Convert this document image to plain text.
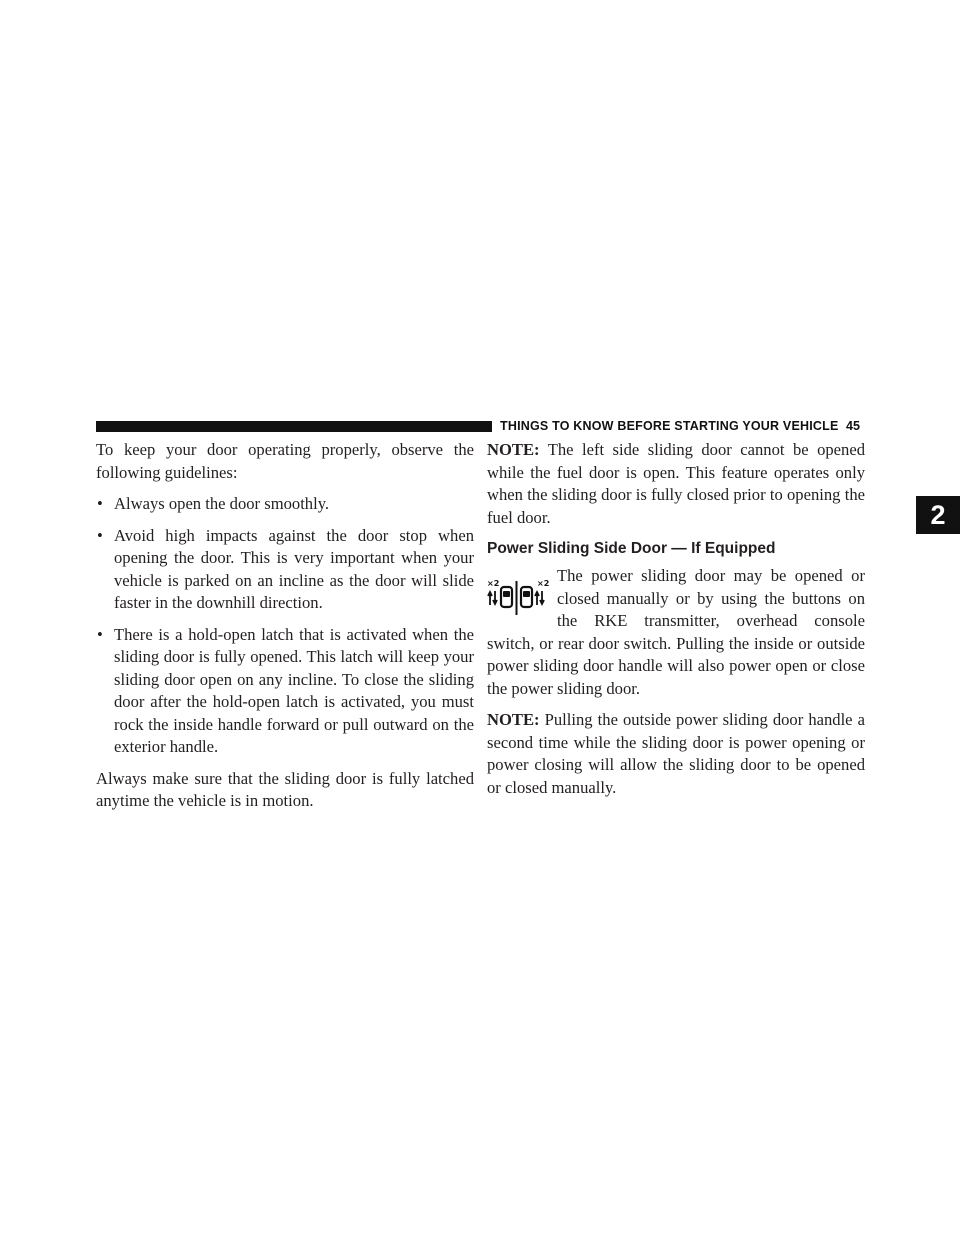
THINGS TO KNOW BEFORE STARTING YOUR VEHICLE 45
2

To keep your door operating properly, observe the following guidelines:

• Always open the door smoothly.
• Avoid high impacts against the door stop when opening the door. This is very important when your vehicle is parked on an incline as the door will slide faster in the downhill direction.
• There is a hold-open latch that is activated when the sliding door is fully opened. This latch will keep your sliding door open on any incline. To close the sliding door after the hold-open latch is activated, you must rock the inside handle forward or pull outward on the exterior handle.

Always make sure that the sliding door is fully latched anytime the vehicle is in motion.

NOTE: The left side sliding door cannot be opened while the fuel door is open. This feature operates only when the sliding door is fully closed prior to opening the fuel door.

Power Sliding Side Door — If Equipped
×2	×2 The power sliding door may be opened or closed manually or by using the buttons on the RKE transmitter, overhead console switch, or rear door switch. Pulling the inside or outside power sliding door handle will also power open or close the power sliding door.

NOTE: Pulling the outside power sliding door handle a second time while the sliding door is power opening or power closing will allow the sliding door to be opened or closed manually.
